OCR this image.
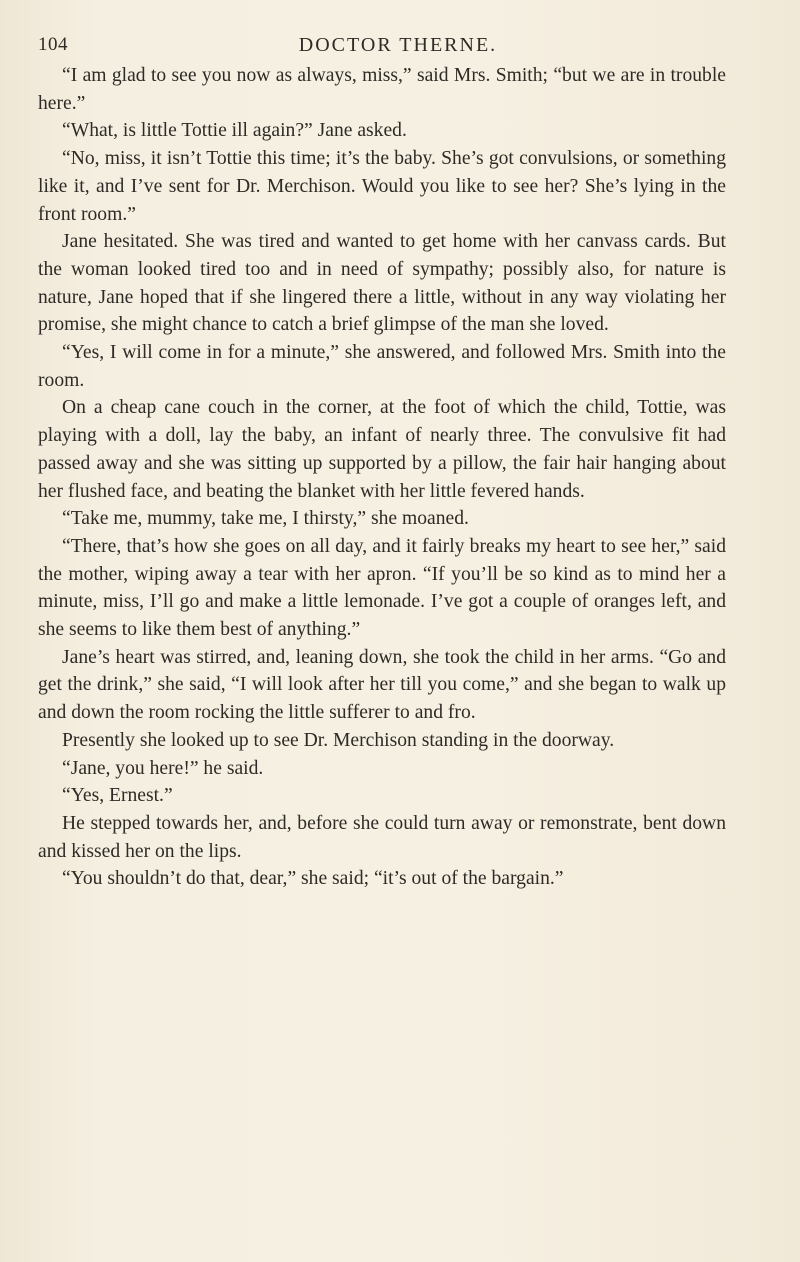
104	DOCTOR THERNE.

“I am glad to see you now as always, miss,” said Mrs. Smith; “but we are in trouble here.”

“What, is little Tottie ill again?” Jane asked.

“No, miss, it isn’t Tottie this time; it’s the baby. She’s got convulsions, or something like it, and I’ve sent for Dr. Merchison. Would you like to see her? She’s lying in the front room.”

Jane hesitated. She was tired and wanted to get home with her canvass cards. But the woman looked tired too and in need of sympathy; possibly also, for nature is nature, Jane hoped that if she lingered there a little, without in any way violating her promise, she might chance to catch a brief glimpse of the man she loved.

“Yes, I will come in for a minute,” she answered, and followed Mrs. Smith into the room.

On a cheap cane couch in the corner, at the foot of which the child, Tottie, was playing with a doll, lay the baby, an infant of nearly three. The convulsive fit had passed away and she was sitting up supported by a pillow, the fair hair hanging about her flushed face, and beating the blanket with her little fevered hands.

“Take me, mummy, take me, I thirsty,” she moaned.

“There, that’s how she goes on all day, and it fairly breaks my heart to see her,” said the mother, wiping away a tear with her apron. “If you’ll be so kind as to mind her a minute, miss, I’ll go and make a little lemonade. I’ve got a couple of oranges left, and she seems to like them best of anything.”

Jane’s heart was stirred, and, leaning down, she took the child in her arms. “Go and get the drink,” she said, “I will look after her till you come,” and she began to walk up and down the room rocking the little sufferer to and fro.

Presently she looked up to see Dr. Merchison standing in the doorway.

“Jane, you here!” he said.

“Yes, Ernest.”

He stepped towards her, and, before she could turn away or remonstrate, bent down and kissed her on the lips.

“You shouldn’t do that, dear,” she said; “it’s out of the bargain.”
